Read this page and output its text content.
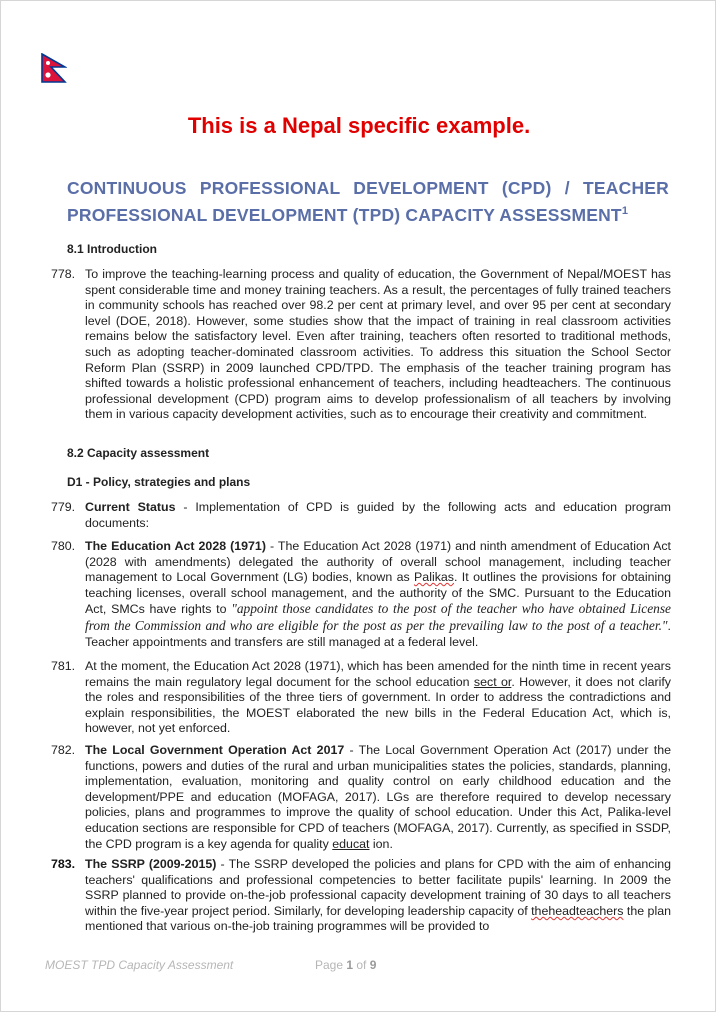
This is a Nepal specific example.
CONTINUOUS PROFESSIONAL DEVELOPMENT (CPD) / TEACHER PROFESSIONAL DEVELOPMENT (TPD) CAPACITY ASSESSMENT$^1$
8.1 Introduction
778. To improve the teaching-learning process and quality of education, the Government of Nepal/MOEST has spent considerable time and money training teachers. As a result, the percentages of fully trained teachers in community schools has reached over 98.2 per cent at primary level, and over 95 per cent at secondary level (DOE, 2018). However, some studies show that the impact of training in real classroom activities remains below the satisfactory level. Even after training, teachers often resorted to traditional methods, such as adopting teacher-dominated classroom activities. To address this situation the School Sector Reform Plan (SSRP) in 2009 launched CPD/TPD. The emphasis of the teacher training program has shifted towards a holistic professional enhancement of teachers, including headteachers. The continuous professional development (CPD) program aims to develop professionalism of all teachers by involving them in various capacity development activities, such as to encourage their creativity and commitment.
8.2 Capacity assessment
D1 - Policy, strategies and plans
779. Current Status - Implementation of CPD is guided by the following acts and education program documents:
780. The Education Act 2028 (1971) - The Education Act 2028 (1971) and ninth amendment of Education Act (2028 with amendments) delegated the authority of overall school management, including teacher management to Local Government (LG) bodies, known as Palikas. It outlines the provisions for obtaining teaching licenses, overall school management, and the authority of the SMC. Pursuant to the Education Act, SMCs have rights to "appoint those candidates to the post of the teacher who have obtained License from the Commission and who are eligible for the post as per the prevailing law to the post of a teacher.". Teacher appointments and transfers are still managed at a federal level.
781. At the moment, the Education Act 2028 (1971), which has been amended for the ninth time in recent years remains the main regulatory legal document for the school education sect or. However, it does not clarify the roles and responsibilities of the three tiers of government. In order to address the contradictions and explain responsibilities, the MOEST elaborated the new bills in the Federal Education Act, which is, however, not yet enforced.
782. The Local Government Operation Act 2017 - The Local Government Operation Act (2017) under the functions, powers and duties of the rural and urban municipalities states the policies, standards, planning, implementation, evaluation, monitoring and quality control on early childhood education and the development/PPE and education (MOFAGA, 2017). LGs are therefore required to develop necessary policies, plans and programmes to improve the quality of school education. Under this Act, Palika-level education sections are responsible for CPD of teachers (MOFAGA, 2017). Currently, as specified in SSDP, the CPD program is a key agenda for quality educat ion.
783. The SSRP (2009-2015) - The SSRP developed the policies and plans for CPD with the aim of enhancing teachers' qualifications and professional competencies to better facilitate pupils' learning. In 2009 the SSRP planned to provide on-the-job professional capacity development training of 30 days to all teachers within the five-year project period. Similarly, for developing leadership capacity of theheadteachers the plan mentioned that various on-the-job training programmes will be provided to
MOEST TPD Capacity Assessment	Page 1 of 9
